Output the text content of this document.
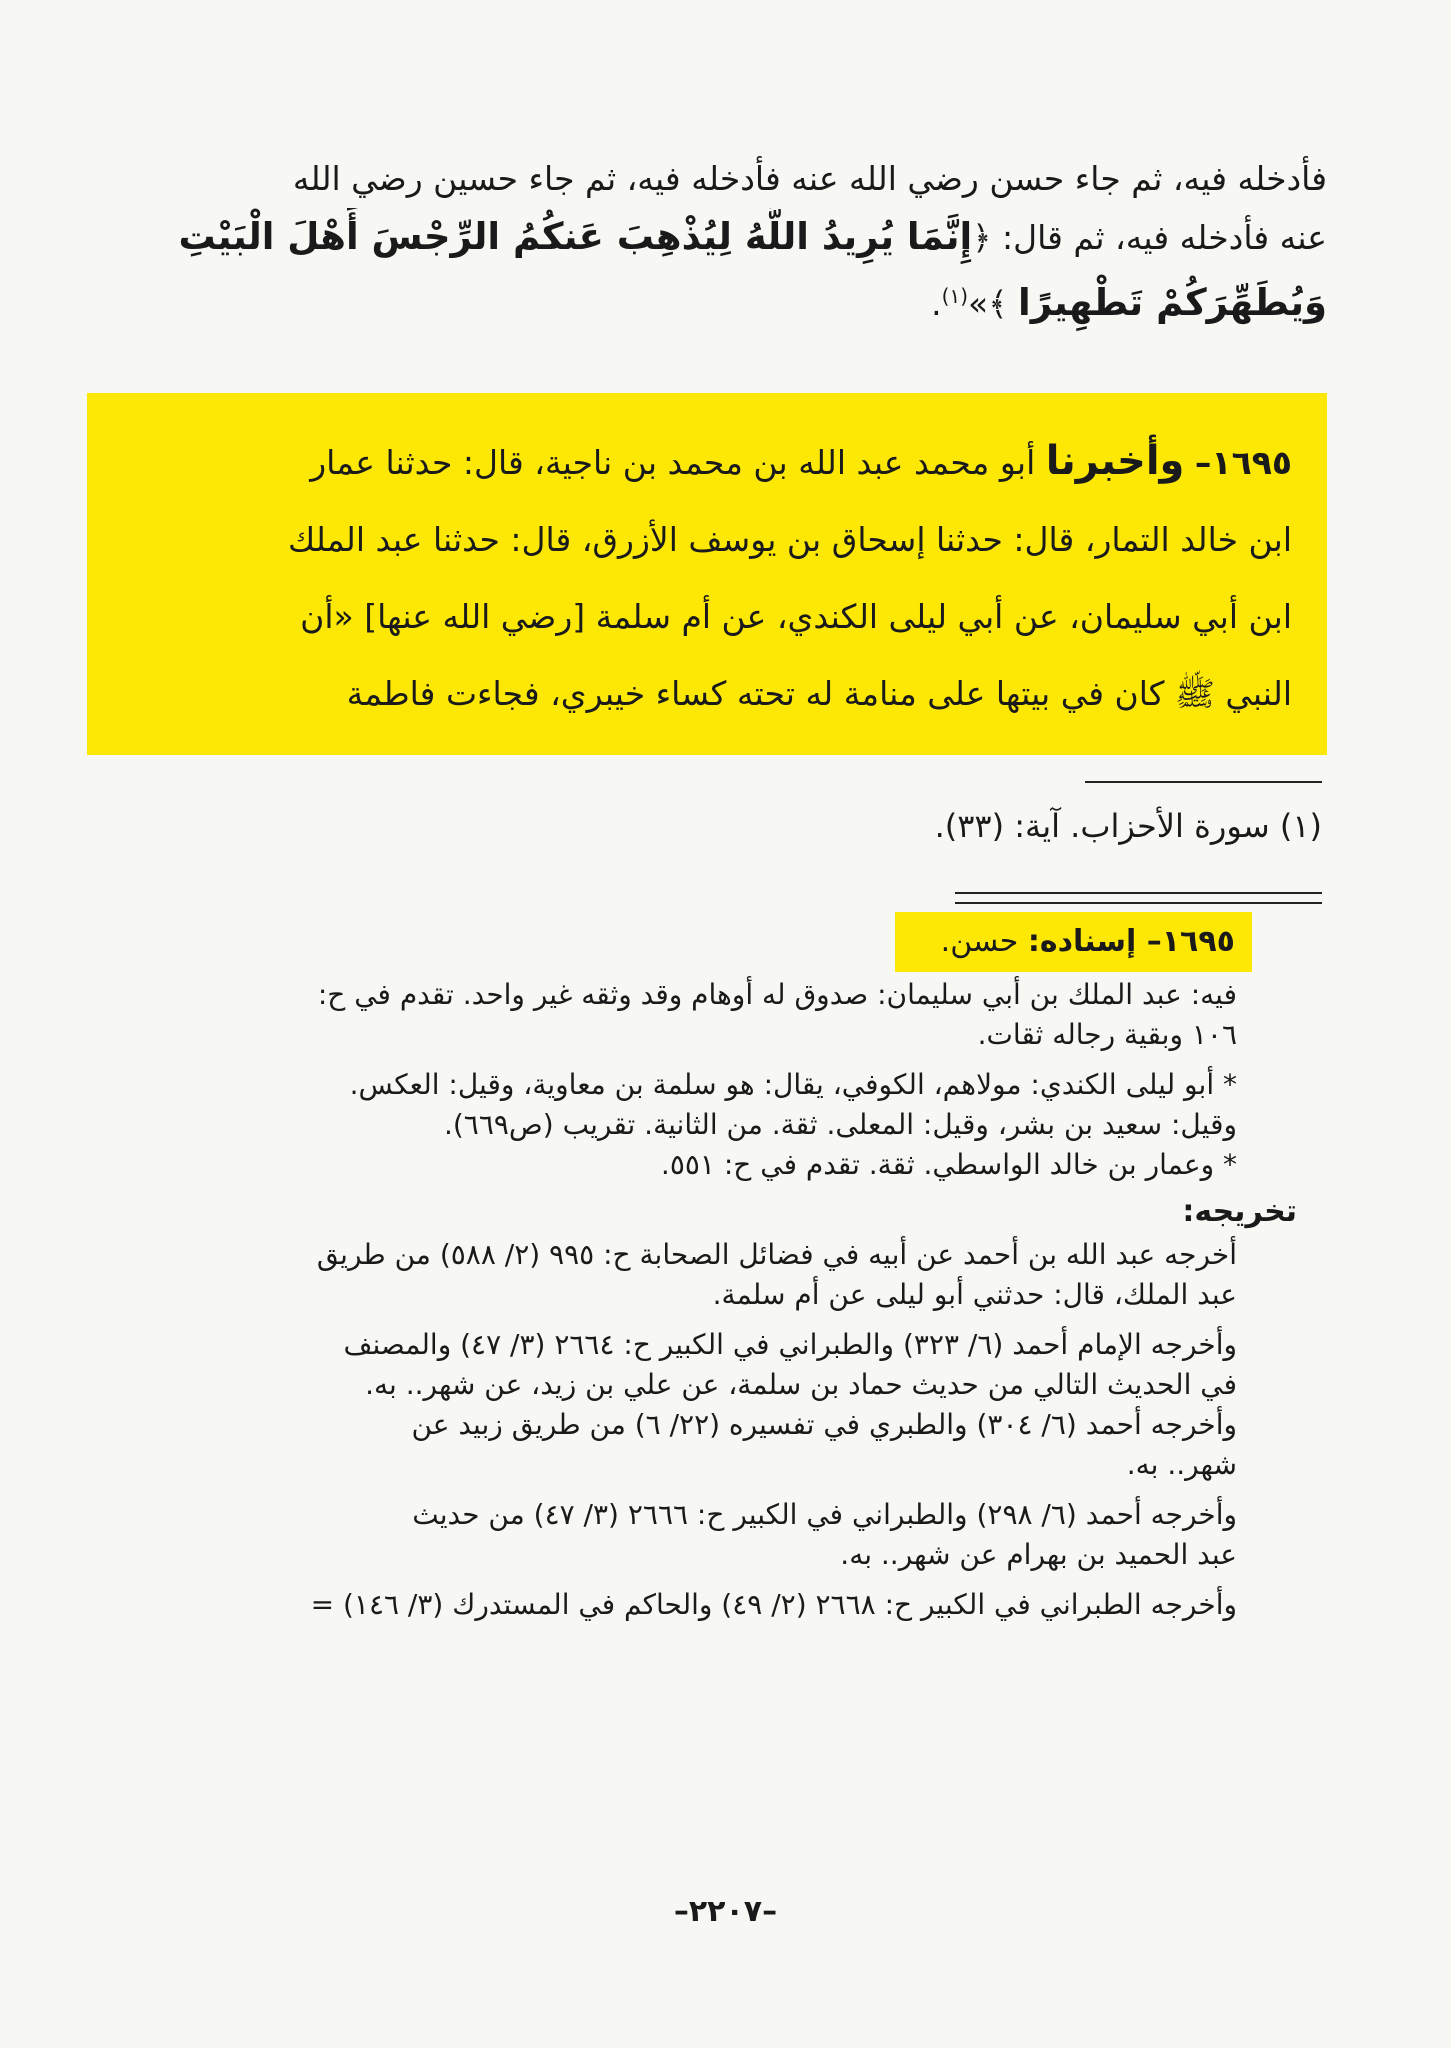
فأدخله فيه، ثم جاء حسن رضي الله عنه فأدخله فيه، ثم جاء حسين رضي الله
عنه فأدخله فيه، ثم قال: ﴿إِنَّمَا يُرِيدُ اللَّهُ لِيُذْهِبَ عَنكُمُ الرِّجْسَ أَهْلَ الْبَيْتِ
وَيُطَهِّرَكُمْ تَطْهِيرًا ﴾»$^{(١)}$.
١٦٩٥– وأخبرنا أبو محمد عبد الله بن محمد بن ناجية، قال: حدثنا عمار
ابن خالد التمار، قال: حدثنا إسحاق بن يوسف الأزرق، قال: حدثنا عبد الملك
ابن أبي سليمان، عن أبي ليلى الكندي، عن أم سلمة [رضي الله عنها] «أن
النبي ﷺ كان في بيتها على منامة له تحته كساء خيبري، فجاءت فاطمة
(١) سورة الأحزاب. آية: (٣٣).
١٦٩٥– إسناده: حسن.
فيه: عبد الملك بن أبي سليمان: صدوق له أوهام وقد وثقه غير واحد. تقدم في ح:
١٠٦ وبقية رجاله ثقات.
* أبو ليلى الكندي: مولاهم، الكوفي، يقال: هو سلمة بن معاوية، وقيل: العكس.
وقيل: سعيد بن بشر، وقيل: المعلى. ثقة. من الثانية. تقريب (ص٦٦٩).
* وعمار بن خالد الواسطي. ثقة. تقدم في ح: ٥٥١.
تخريجه:
أخرجه عبد الله بن أحمد عن أبيه في فضائل الصحابة ح: ٩٩٥ (٢/ ٥٨٨) من طريق
عبد الملك، قال: حدثني أبو ليلى عن أم سلمة.
وأخرجه الإمام أحمد (٦/ ٣٢٣) والطبراني في الكبير ح: ٢٦٦٤ (٣/ ٤٧) والمصنف
في الحديث التالي من حديث حماد بن سلمة، عن علي بن زيد، عن شهر.. به.
وأخرجه أحمد (٦/ ٣٠٤) والطبري في تفسيره (٢٢/ ٦) من طريق زبيد عن
شهر.. به.
وأخرجه أحمد (٦/ ٢٩٨) والطبراني في الكبير ح: ٢٦٦٦ (٣/ ٤٧) من حديث
عبد الحميد بن بهرام عن شهر.. به.
وأخرجه الطبراني في الكبير ح: ٢٦٦٨ (٢/ ٤٩) والحاكم في المستدرك (٣/ ١٤٦) =
–٢٢٠٧–
